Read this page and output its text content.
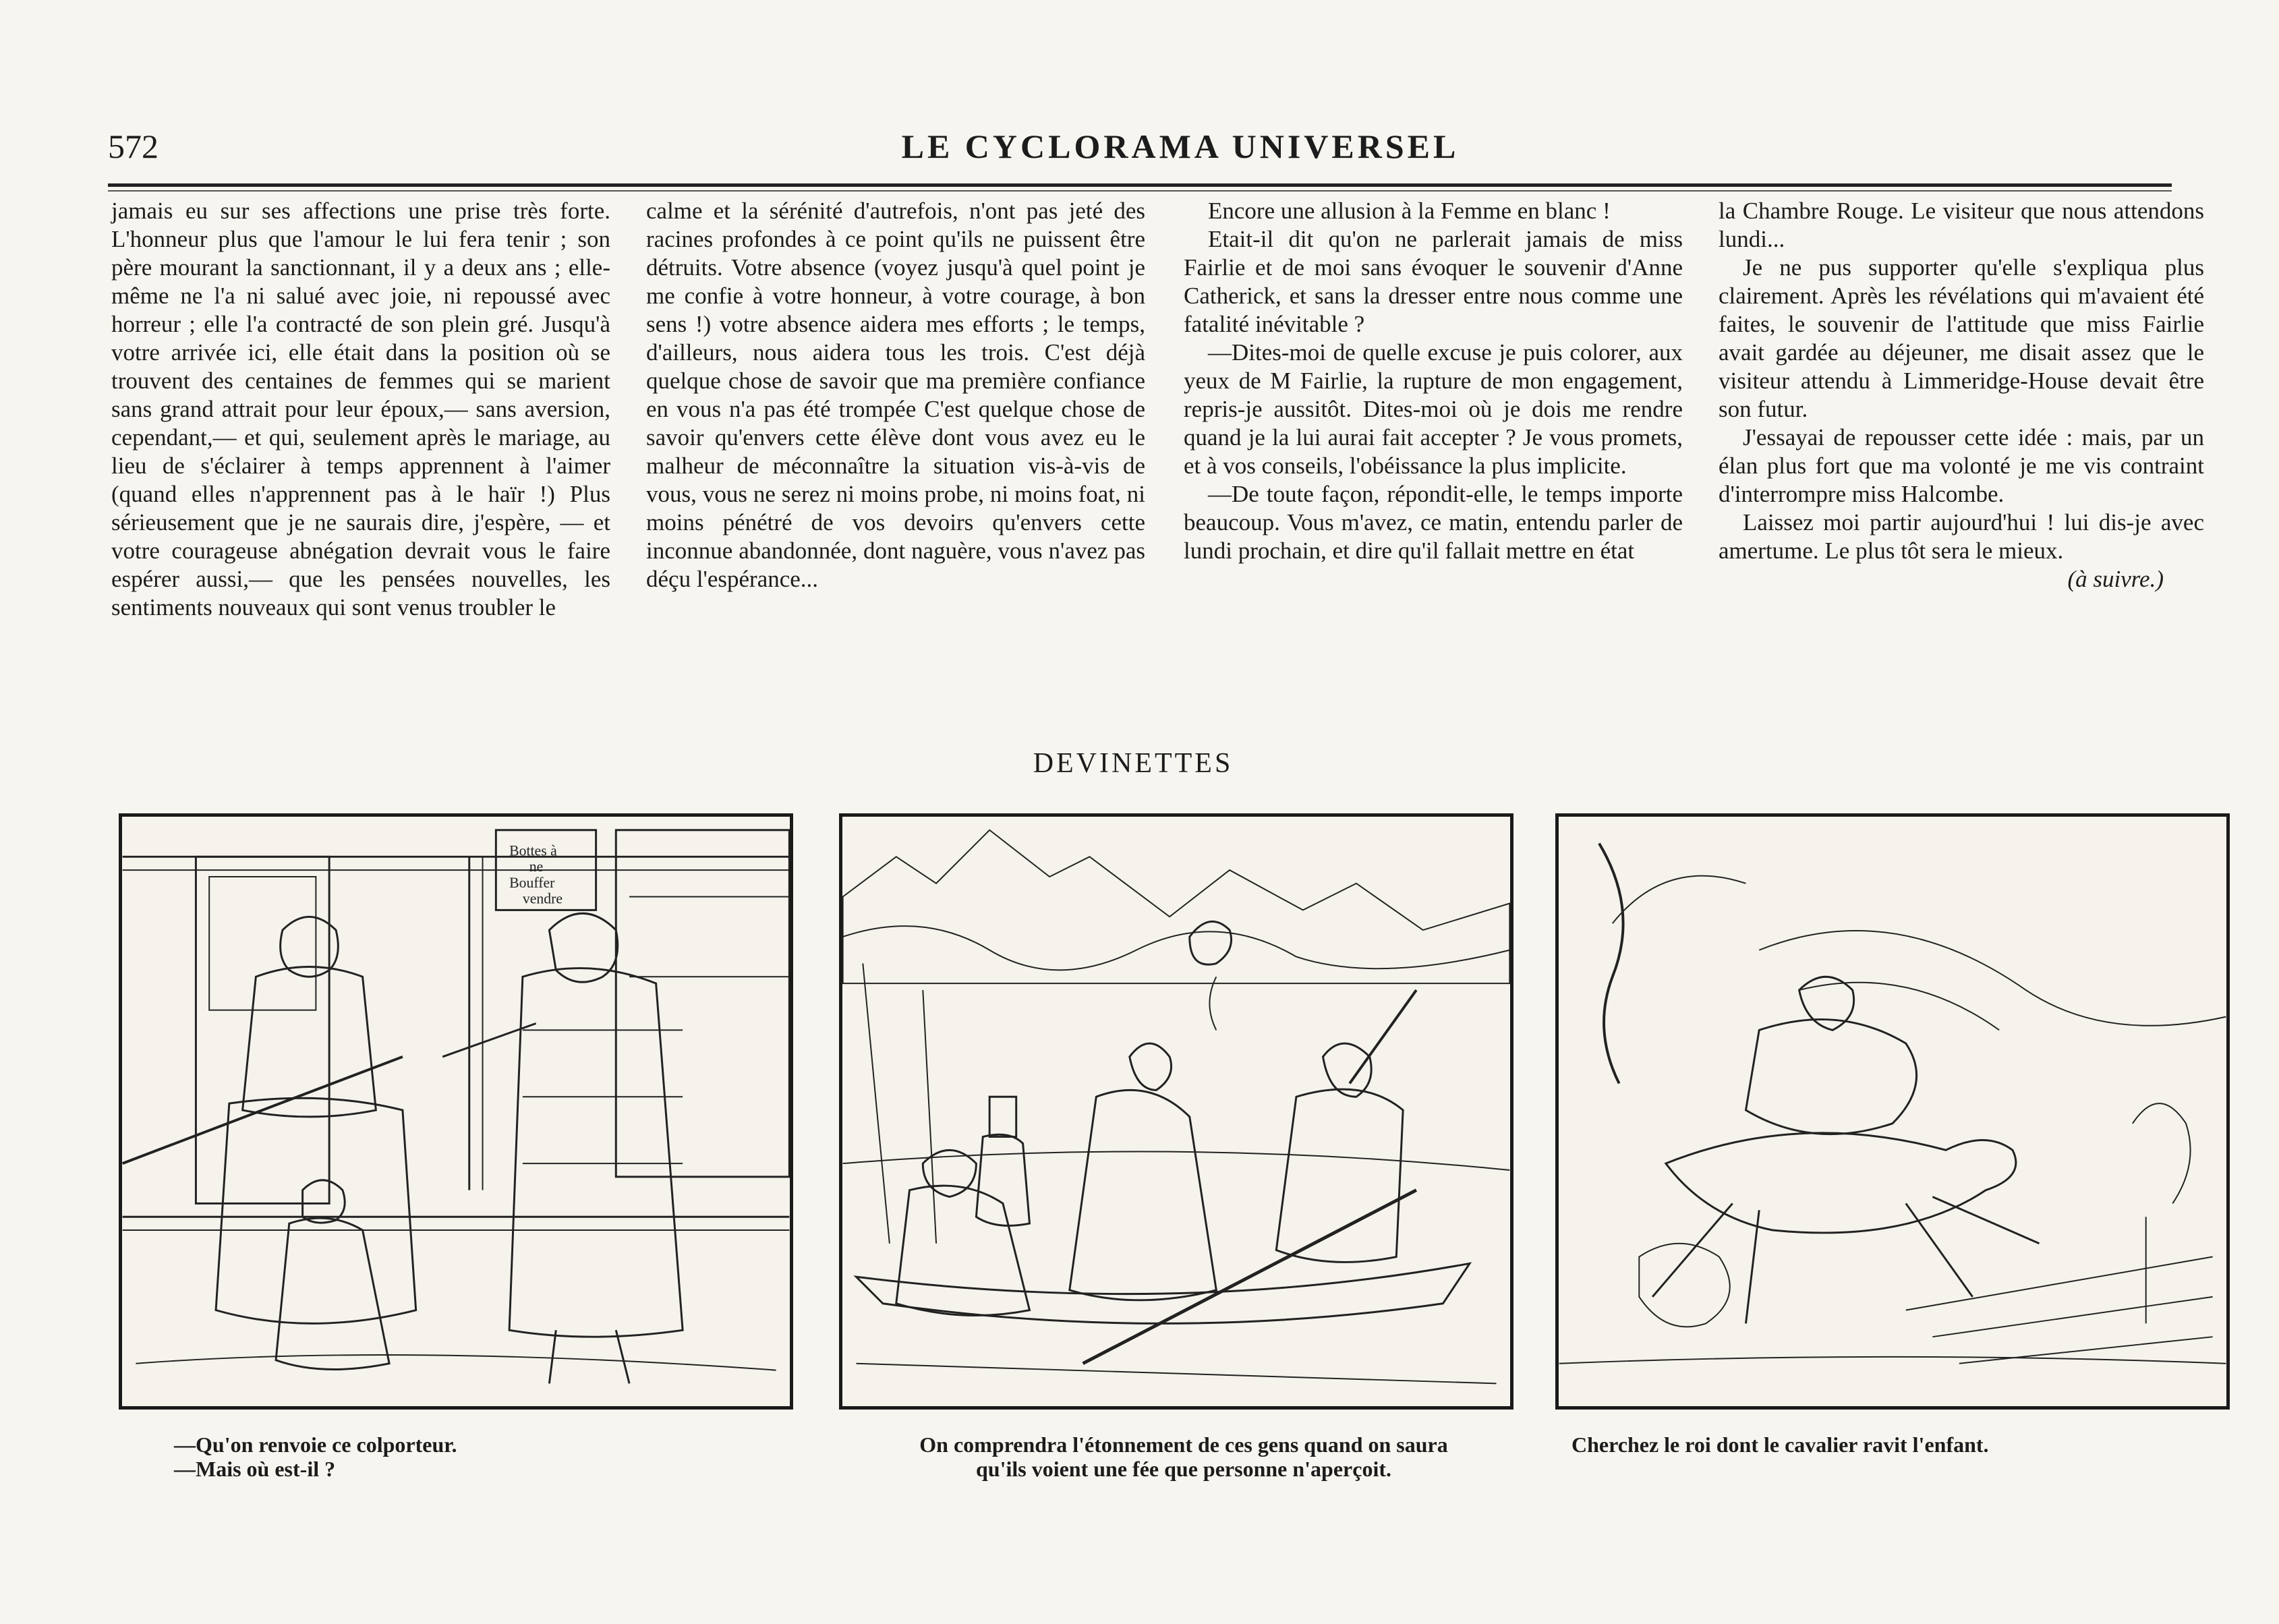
572	LE CYCLORAMA UNIVERSEL

jamais eu sur ses affections une prise très forte. L'honneur plus que l'amour le lui fera tenir ; son père mourant la sanctionnant, il y a deux ans ; elle-même ne l'a ni salué avec joie, ni repoussé avec horreur ; elle l'a contracté de son plein gré. Jusqu'à votre arrivée ici, elle était dans la position où se trouvent des centaines de femmes qui se marient sans grand attrait pour leur époux,— sans aversion, cependant,— et qui, seulement après le mariage, au lieu de s'éclairer à temps apprennent à l'aimer (quand elles n'apprennent pas à le haïr !) Plus sérieusement que je ne saurais dire, j'espère, — et votre courageuse abnégation devrait vous le faire espérer aussi,— que les pensées nouvelles, les sentiments nouveaux qui sont venus troubler le

calme et la sérénité d'autrefois, n'ont pas jeté des racines profondes à ce point qu'ils ne puissent être détruits. Votre absence (voyez jusqu'à quel point je me confie à votre honneur, à votre courage, à bon sens !) votre absence aidera mes efforts ; le temps, d'ailleurs, nous aidera tous les trois. C'est déjà quelque chose de savoir que ma première confiance en vous n'a pas été trompée C'est quelque chose de savoir qu'envers cette élève dont vous avez eu le malheur de méconnaître la situation vis-à-vis de vous, vous ne serez ni moins probe, ni moins foat, ni moins pénétré de vos devoirs qu'envers cette inconnue abandonnée, dont naguère, vous n'avez pas déçu l'espérance...

Encore une allusion à la Femme en blanc !

Etait-il dit qu'on ne parlerait jamais de miss Fairlie et de moi sans évoquer le souvenir d'Anne Catherick, et sans la dresser entre nous comme une fatalité inévitable ?

—Dites-moi de quelle excuse je puis colorer, aux yeux de M Fairlie, la rupture de mon engagement, repris-je aussitôt. Dites-moi où je dois me rendre quand je la lui aurai fait accepter ? Je vous promets, et à vos conseils, l'obéissance la plus implicite.

—De toute façon, répondit-elle, le temps importe beaucoup. Vous m'avez, ce matin, entendu parler de lundi prochain, et dire qu'il fallait mettre en état

la Chambre Rouge. Le visiteur que nous attendons lundi...

Je ne pus supporter qu'elle s'expliqua plus clairement. Après les révélations qui m'avaient été faites, le souvenir de l'attitude que miss Fairlie avait gardée au déjeuner, me disait assez que le visiteur attendu à Limmeridge-House devait être son futur.

J'essayai de repousser cette idée : mais, par un élan plus fort que ma volonté je me vis contraint d'interrompre miss Halcombe.

Laissez moi partir aujourd'hui ! lui dis-je avec amertume. Le plus tôt sera le mieux.

(à suivre.)

DEVINETTES
Bottes à
ne
Bouffer
vendre
—Qu'on renvoie ce colporteur.
—Mais où est-il ?
On comprendra l'étonnement de ces gens quand on saura
qu'ils voient une fée que personne n'aperçoit.
Cherchez le roi dont le cavalier ravit l'enfant.
